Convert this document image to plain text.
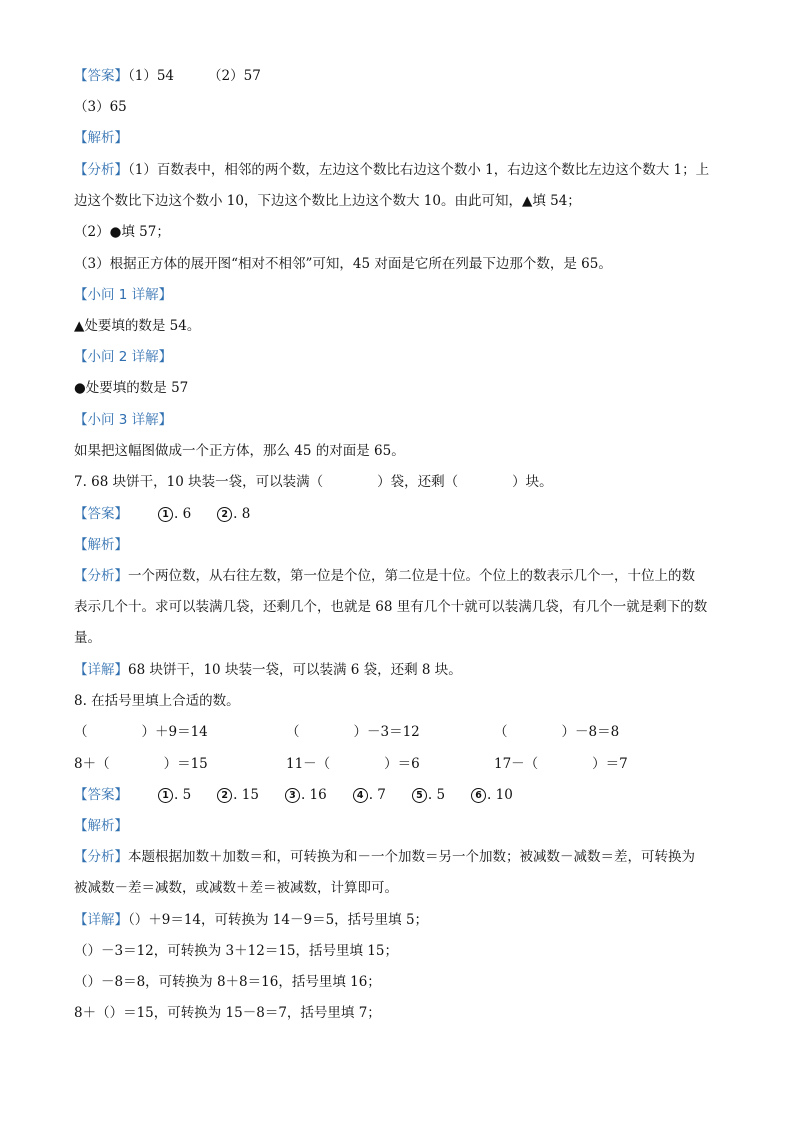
【答案】（1）54	（2）57
（3）65
【解析】
【分析】（1）百数表中，相邻的两个数，左边这个数比右边这个数小 1，右边这个数比左边这个数大 1；上
边这个数比下边这个数小 10，下边这个数比上边这个数大 10。由此可知，▲填 54；
（2）●填 57；
（3）根据正方体的展开图“相对不相邻”可知，45 对面是它所在列最下边那个数，是 65。
【小问 1 详解】
▲处要填的数是 54。
【小问 2 详解】
●处要填的数是 57
【小问 3 详解】
如果把这幅图做成一个正方体，那么 45 的对面是 65。
7. 68 块饼干，10 块装一袋，可以装满（　　　　）袋，还剩（　　　　）块。
【答案】	1 . 6	2 . 8
【解析】
【分析】一个两位数，从右往左数，第一位是个位，第二位是十位。个位上的数表示几个一，十位上的数
表示几个十。求可以装满几袋，还剩几个，也就是 68 里有几个十就可以装满几袋，有几个一就是剩下的数
量。
【详解】68 块饼干，10 块装一袋，可以装满 6 袋，还剩 8 块。
8. 在括号里填上合适的数。
（　　　　）＋9＝14	（　　　　）－3＝12	（　　　　）－8＝8
8＋（　　　　）＝15	11－（　　　　）＝6	17－（　　　　）＝7
【答案】	1 . 5	2 . 15	3 . 16	4 . 7	5 . 5	6 . 10
【解析】
【分析】本题根据加数＋加数＝和，可转换为和－一个加数＝另一个加数；被减数－减数＝差，可转换为
被减数－差＝减数，或减数＋差＝被减数，计算即可。
【详解】（）＋9＝14，可转换为 14－9＝5，括号里填 5；
（）－3＝12，可转换为 3＋12＝15，括号里填 15；
（）－8＝8，可转换为 8＋8＝16，括号里填 16；
8＋（）＝15，可转换为 15－8＝7，括号里填 7；
